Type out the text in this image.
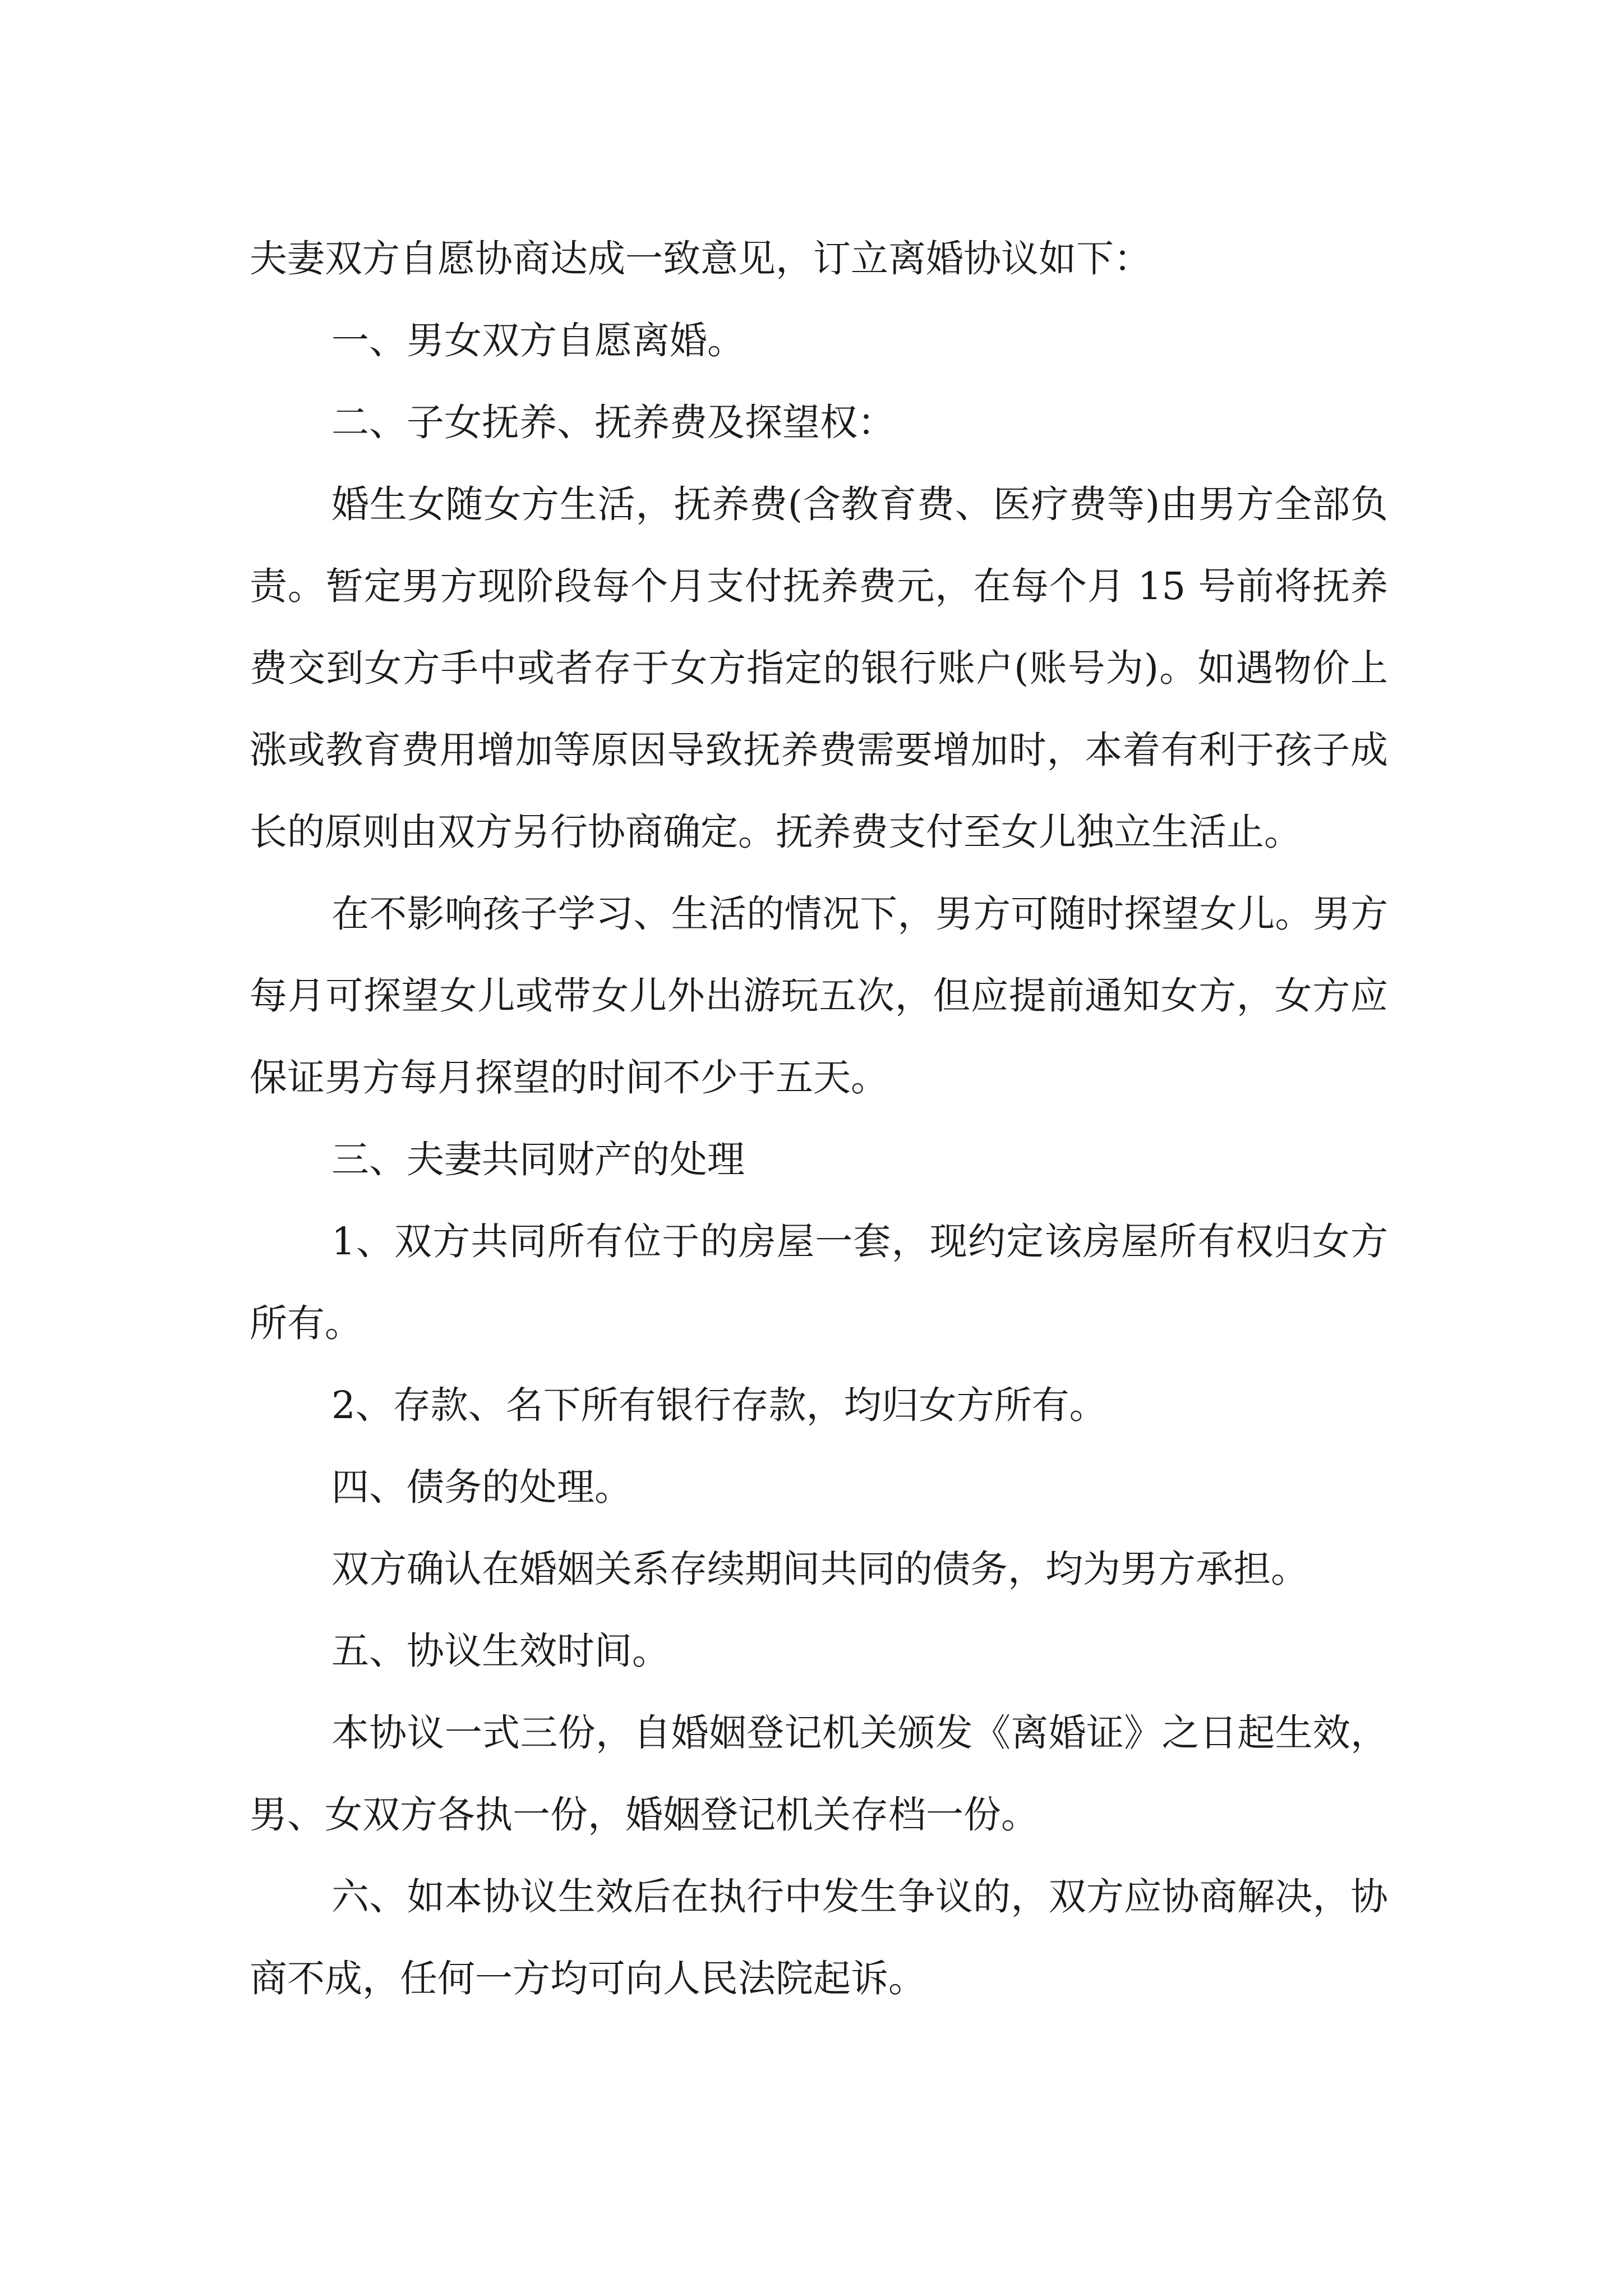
夫妻双方自愿协商达成一致意见，订立离婚协议如下：

一、男女双方自愿离婚。

二、子女抚养、抚养费及探望权：

婚生女随女方生活，抚养费(含教育费、医疗费等)由男方全部负责。暂定男方现阶段每个月支付抚养费元，在每个月 15 号前将抚养费交到女方手中或者存于女方指定的银行账户(账号为)。如遇物价上涨或教育费用增加等原因导致抚养费需要增加时，本着有利于孩子成长的原则由双方另行协商确定。抚养费支付至女儿独立生活止。

在不影响孩子学习、生活的情况下，男方可随时探望女儿。男方每月可探望女儿或带女儿外出游玩五次，但应提前通知女方，女方应保证男方每月探望的时间不少于五天。

三、夫妻共同财产的处理

1、双方共同所有位于的房屋一套，现约定该房屋所有权归女方所有。

2、存款、名下所有银行存款，均归女方所有。

四、债务的处理。

双方确认在婚姻关系存续期间共同的债务，均为男方承担。

五、协议生效时间。

本协议一式三份，自婚姻登记机关颁发《离婚证》之日起生效，男、女双方各执一份，婚姻登记机关存档一份。

六、如本协议生效后在执行中发生争议的，双方应协商解决，协商不成，任何一方均可向人民法院起诉。
